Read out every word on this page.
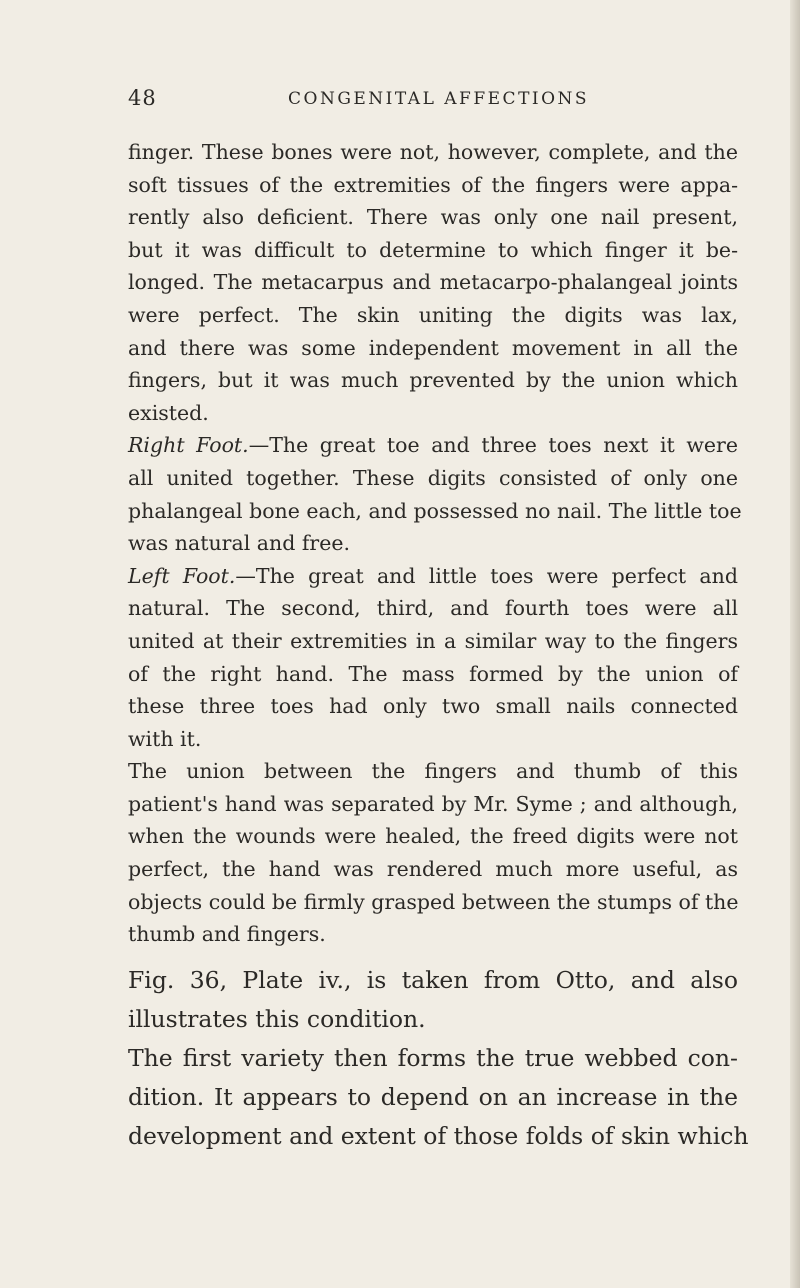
48	CONGENITAL AFFECTIONS
finger. These bones were not, however, complete, and the
soft tissues of the extremities of the fingers were appa-
rently also deficient. There was only one nail present,
but it was difficult to determine to which finger it be-
longed. The metacarpus and metacarpo-phalangeal joints
were perfect. The skin uniting the digits was lax,
and there was some independent movement in all the
fingers, but it was much prevented by the union which
existed.
Right Foot.—The great toe and three toes next it were
all united together. These digits consisted of only one
phalangeal bone each, and possessed no nail. The little toe
was natural and free.
Left Foot.—The great and little toes were perfect and
natural. The second, third, and fourth toes were all
united at their extremities in a similar way to the fingers
of the right hand. The mass formed by the union of
these three toes had only two small nails connected
with it.
The union between the fingers and thumb of this
patient's hand was separated by Mr. Syme ; and although,
when the wounds were healed, the freed digits were not
perfect, the hand was rendered much more useful, as
objects could be firmly grasped between the stumps of the
thumb and fingers.
Fig. 36, Plate iv., is taken from Otto, and also
illustrates this condition.
The first variety then forms the true webbed con-
dition. It appears to depend on an increase in the
development and extent of those folds of skin which
